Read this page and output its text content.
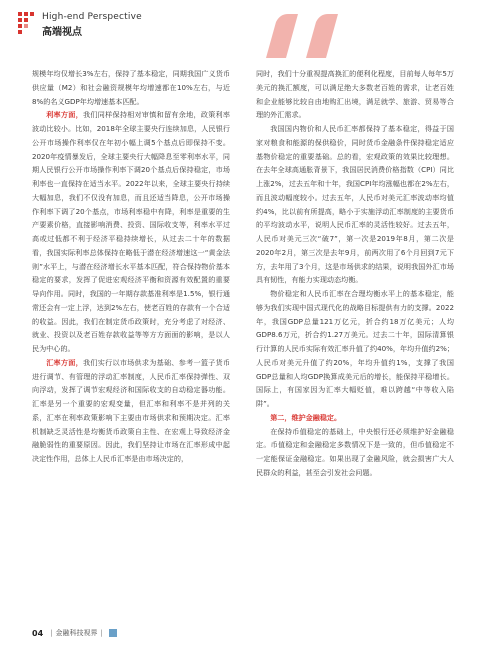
High-end Perspective
高端视点

规模年均仅增长3%左右，保持了基本稳定，同期我国广义货币供应量（M2）和社会融资规模年均增速都在10%左右，与近8%的名义GDP年均增速基本匹配。

利率方面，我们同样保持相对审慎和留有余地，政策利率波动比较小。比如，2018年全球主要央行连续加息，人民银行公开市场操作利率仅在年初小幅上调5个基点后即保持不变。2020年疫情暴发后，全球主要央行大幅降息至零利率水平，同期人民银行公开市场操作利率下调20个基点后保持稳定，市场利率也一直保持在适当水平。2022年以来，全球主要央行持续大幅加息，我们不仅没有加息，而且还适当降息，公开市场操作利率下调了20个基点，市场利率稳中有降，利率是重要的生产要素价格，直接影响消费、投资、国际收支等，利率水平过高或过低都不利于经济平稳持续增长，从过去二十年的数据看，我国实际利率总体保持在略低于潜在经济增速这一“黄金法则”水平上，与潜在经济增长水平基本匹配，符合保持物价基本稳定的要求，发挥了促进宏观经济平衡和资源有效配置的重要导向作用。同时，我国的一年期存款基准利率是1.5%，银行通常还会有一定上浮，达到2%左右，使老百姓的存款有一个合适的收益。因此，我们在制定货币政策时，充分考虑了对经济、就业、投资以及老百姓存款收益等等方方面面的影响，是以人民为中心的。

汇率方面，我们实行以市场供求为基础、参考一篮子货币进行调节、有管理的浮动汇率制度，人民币汇率保持弹性、双向浮动，发挥了调节宏观经济和国际收支的自动稳定器功能。汇率是另一个重要的宏观变量，但汇率和利率不是并列的关系，汇率在利率政策影响下主要由市场供求和预期决定。汇率机制缺乏灵活性是均衡货币政策自主性、在宏观上导致经济金融脆弱性的重要原因。因此，我们坚持让市场在汇率形成中起决定性作用，总体上人民币汇率是由市场决定的，

同时，我们十分重视提高换汇的便利化程度，目前每人每年5万美元的换汇额度，可以满足绝大多数老百姓的需求，让老百姓和企业能够比较自由地购汇出境，满足就学、旅游、贸易等合理的外汇需求。

我国国内物价和人民币汇率都保持了基本稳定，得益于国家对粮食和能源的保供稳价，同时货币金融条件保持稳定适应基物价稳定的重要基础。总的看，宏观政策的效果比较理想。在去年全球高通胀背景下，我国居民消费价格指数（CPI）同比上涨2%，过去五年和十年，我国CPI年均涨幅也都在2%左右，而且波动幅度较小。过去五年，人民币对美元汇率波动率均值约4%，比以前有所提高，略小于实施浮动汇率制度的主要货币的平均波动水平，说明人民币汇率的灵活性较好。过去五年，人民币对美元三次“破7”，第一次是2019年8月，第二次是2020年2月，第三次是去年9月，前两次用了6个月回到7元下方，去年用了3个月，这是市场供求的结果，说明我国外汇市场具有韧性，有能力实现动态均衡。

物价稳定和人民币汇率在合理均衡水平上的基本稳定，能够为我们实现中国式现代化的战略目标提供有力的支撑。2022年，我国GDP总量121万亿元，折合约18万亿美元；人均GDP8.6万元，折合约1.27万美元。过去二十年，国际清算银行计算的人民币实际有效汇率升值了约40%，年均升值约2%；人民币对美元升值了约20%，年均升值约1%，支撑了我国GDP总量和人均GDP换算成美元后的增长，能保持平稳增长。国际上，有国家因为汇率大幅贬值，难以跨越“中等收入陷阱”。

第二，维护金融稳定。

在保持币值稳定的基础上，中央银行还必须维护好金融稳定。币值稳定和金融稳定多数情况下是一致的，但币值稳定不一定能保证金融稳定。如果出现了金融风险，就会损害广大人民群众的利益，甚至会引发社会问题。

04 | 金融科技视界 |
